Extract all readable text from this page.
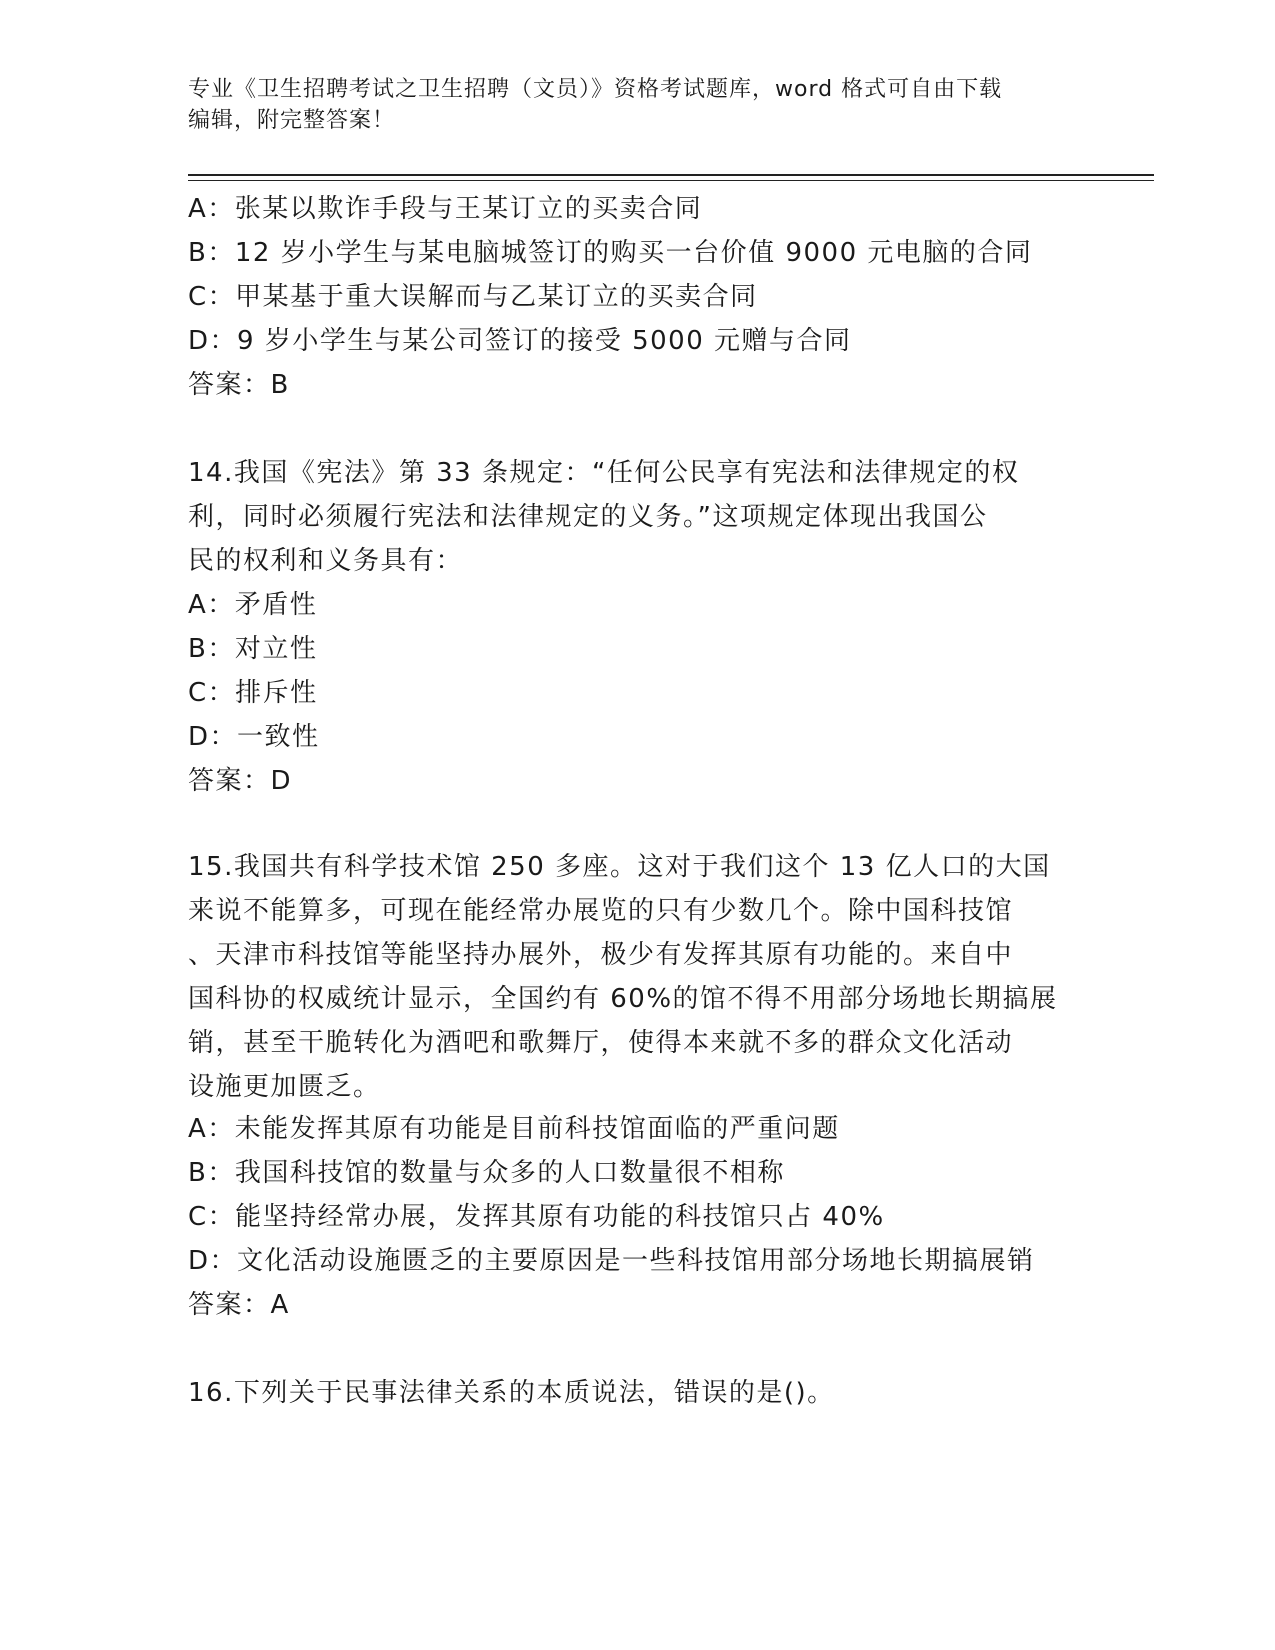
专业《卫生招聘考试之卫生招聘（文员）》资格考试题库，word 格式可自由下载
编辑，附完整答案！
A：张某以欺诈手段与王某订立的买卖合同
B：12 岁小学生与某电脑城签订的购买一台价值 9000 元电脑的合同
C：甲某基于重大误解而与乙某订立的买卖合同
D：9 岁小学生与某公司签订的接受 5000 元赠与合同
答案：B
14.我国《宪法》第 33 条规定：“任何公民享有宪法和法律规定的权
利，同时必须履行宪法和法律规定的义务。”这项规定体现出我国公
民的权利和义务具有：
A：矛盾性
B：对立性
C：排斥性
D：一致性
答案：D
15.我国共有科学技术馆 250 多座。这对于我们这个 13 亿人口的大国
来说不能算多，可现在能经常办展览的只有少数几个。除中国科技馆
、天津市科技馆等能坚持办展外，极少有发挥其原有功能的。来自中
国科协的权威统计显示，全国约有 60%的馆不得不用部分场地长期搞展
销，甚至干脆转化为酒吧和歌舞厅，使得本来就不多的群众文化活动
设施更加匮乏。
A：未能发挥其原有功能是目前科技馆面临的严重问题
B：我国科技馆的数量与众多的人口数量很不相称
C：能坚持经常办展，发挥其原有功能的科技馆只占 40%
D：文化活动设施匮乏的主要原因是一些科技馆用部分场地长期搞展销
答案：A
16.下列关于民事法律关系的本质说法，错误的是()。
